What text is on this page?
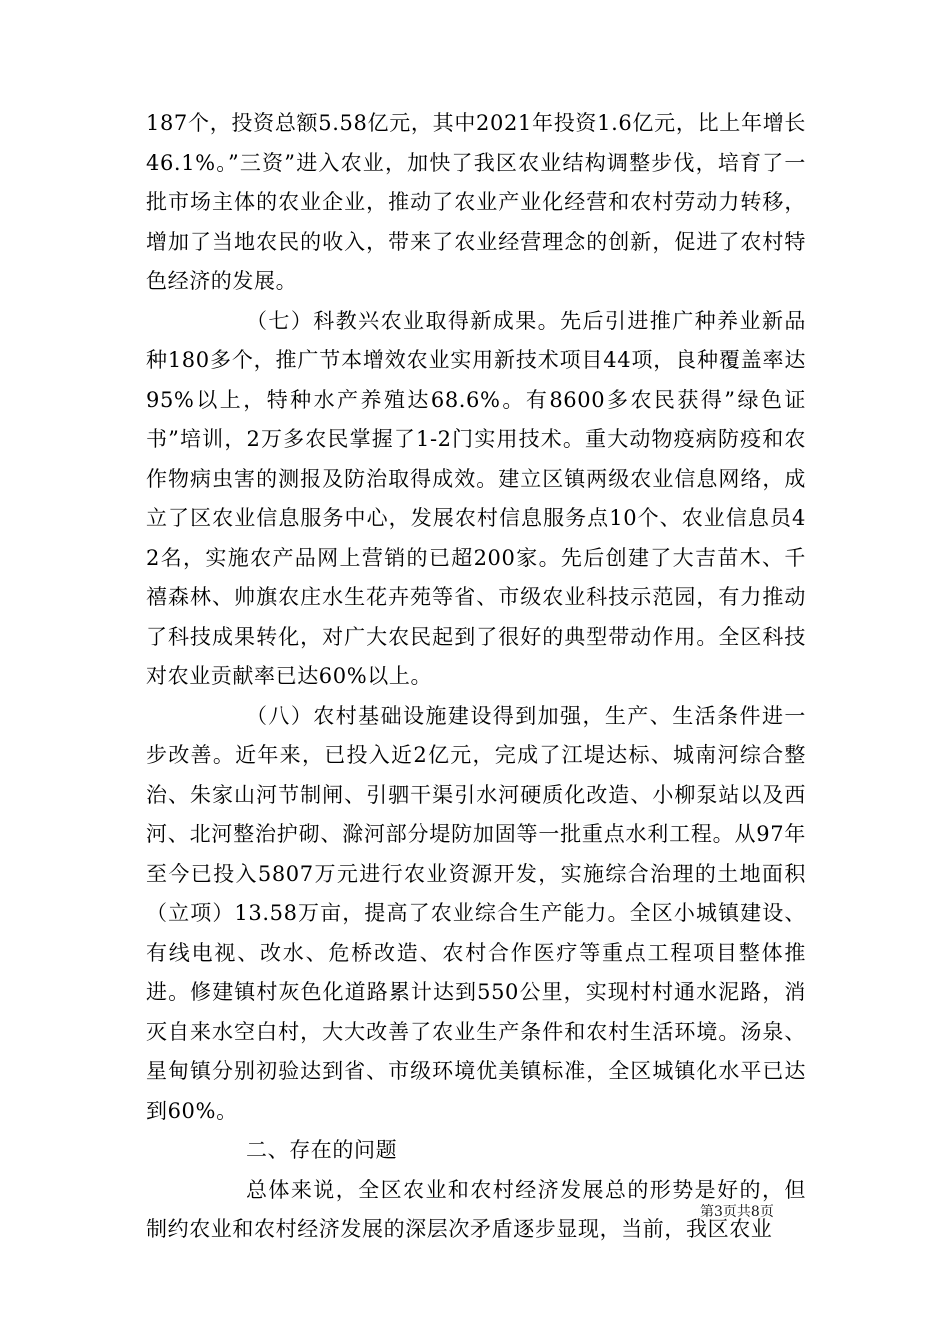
187个，投资总额5.58亿元，其中2021年投资1.6亿元，比上年增长46.1%。”三资”进入农业，加快了我区农业结构调整步伐，培育了一批市场主体的农业企业，推动了农业产业化经营和农村劳动力转移，增加了当地农民的收入，带来了农业经营理念的创新，促进了农村特色经济的发展。

（七）科教兴农业取得新成果。先后引进推广种养业新品种180多个，推广节本增效农业实用新技术项目44项，良种覆盖率达95%以上，特种水产养殖达68.6%。有8600多农民获得”绿色证书”培训，2万多农民掌握了1-2门实用技术。重大动物疫病防疫和农作物病虫害的测报及防治取得成效。建立区镇两级农业信息网络，成立了区农业信息服务中心，发展农村信息服务点10个、农业信息员42名，实施农产品网上营销的已超200家。先后创建了大吉苗木、千禧森林、帅旗农庄水生花卉苑等省、市级农业科技示范园，有力推动了科技成果转化，对广大农民起到了很好的典型带动作用。全区科技对农业贡献率已达60%以上。

（八）农村基础设施建设得到加强，生产、生活条件进一步改善。近年来，已投入近2亿元，完成了江堤达标、城南河综合整治、朱家山河节制闸、引驷干渠引水河硬质化改造、小柳泵站以及西河、北河整治护砌、滁河部分堤防加固等一批重点水利工程。从97年至今已投入5807万元进行农业资源开发，实施综合治理的土地面积（立项）13.58万亩，提高了农业综合生产能力。全区小城镇建设、有线电视、改水、危桥改造、农村合作医疗等重点工程项目整体推进。修建镇村灰色化道路累计达到550公里，实现村村通水泥路，消灭自来水空白村，大大改善了农业生产条件和农村生活环境。汤泉、星甸镇分别初验达到省、市级环境优美镇标准，全区城镇化水平已达到60%。

二、存在的问题

总体来说，全区农业和农村经济发展总的形势是好的，但制约农业和农村经济发展的深层次矛盾逐步显现，当前，我区农业

第3页共8页
